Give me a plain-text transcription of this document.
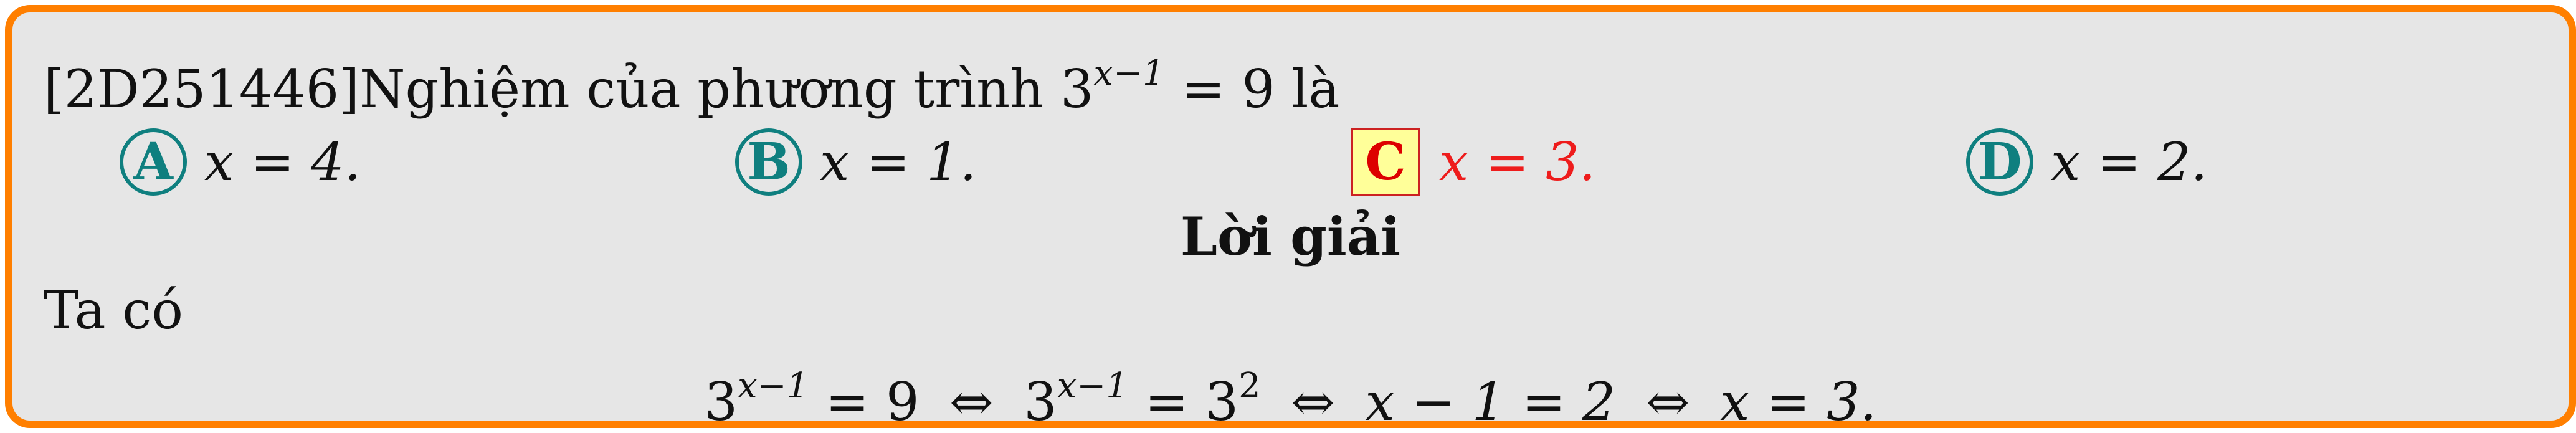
[2D251446]Nghiệm của phương trình $3^{x-1} = 9$ là
A x = 4.	B x = 1.	C x = 3.	D x = 2.
Lời giải
Ta có
$3^{x-1} = 9$ ⇔ $3^{x-1} = 3^2$ ⇔ x − 1 = 2 ⇔ x = 3.
